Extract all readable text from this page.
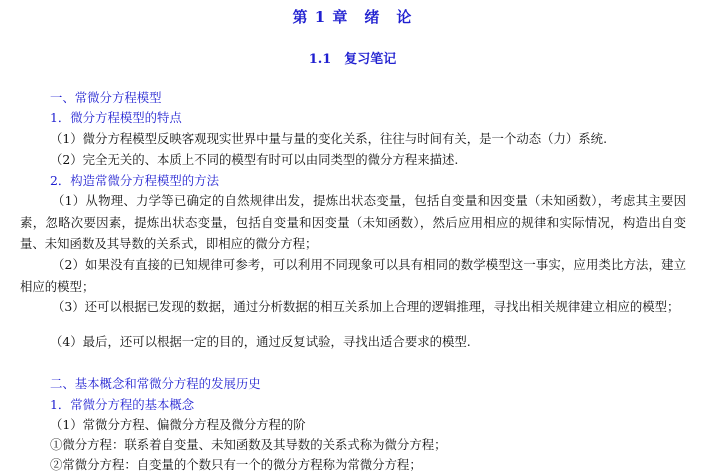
第 1 章　绪　论
1.1　复习笔记
一、常微分方程模型
1．微分方程模型的特点
（1）微分方程模型反映客观现实世界中量与量的变化关系，往往与时间有关，是一个动态（力）系统.
（2）完全无关的、本质上不同的模型有时可以由同类型的微分方程来描述.
2．构造常微分方程模型的方法
（1）从物理、力学等已确定的自然规律出发，提炼出状态变量，包括自变量和因变量（未知函数），考虑其主要因素，忽略次要因素，提炼出状态变量，包括自变量和因变量（未知函数），然后应用相应的规律和实际情况，构造出自变量、未知函数及其导数的关系式，即相应的微分方程；
（2）如果没有直接的已知规律可参考，可以利用不同现象可以具有相同的数学模型这一事实，应用类比方法，建立相应的模型；
（3）还可以根据已发现的数据，通过分析数据的相互关系加上合理的逻辑推理，寻找出相关规律建立相应的模型；
（4）最后，还可以根据一定的目的，通过反复试验，寻找出适合要求的模型.
二、基本概念和常微分方程的发展历史
1．常微分方程的基本概念
（1）常微分方程、偏微分方程及微分方程的阶
①微分方程：联系着自变量、未知函数及其导数的关系式称为微分方程；
②常微分方程：自变量的个数只有一个的微分方程称为常微分方程；
